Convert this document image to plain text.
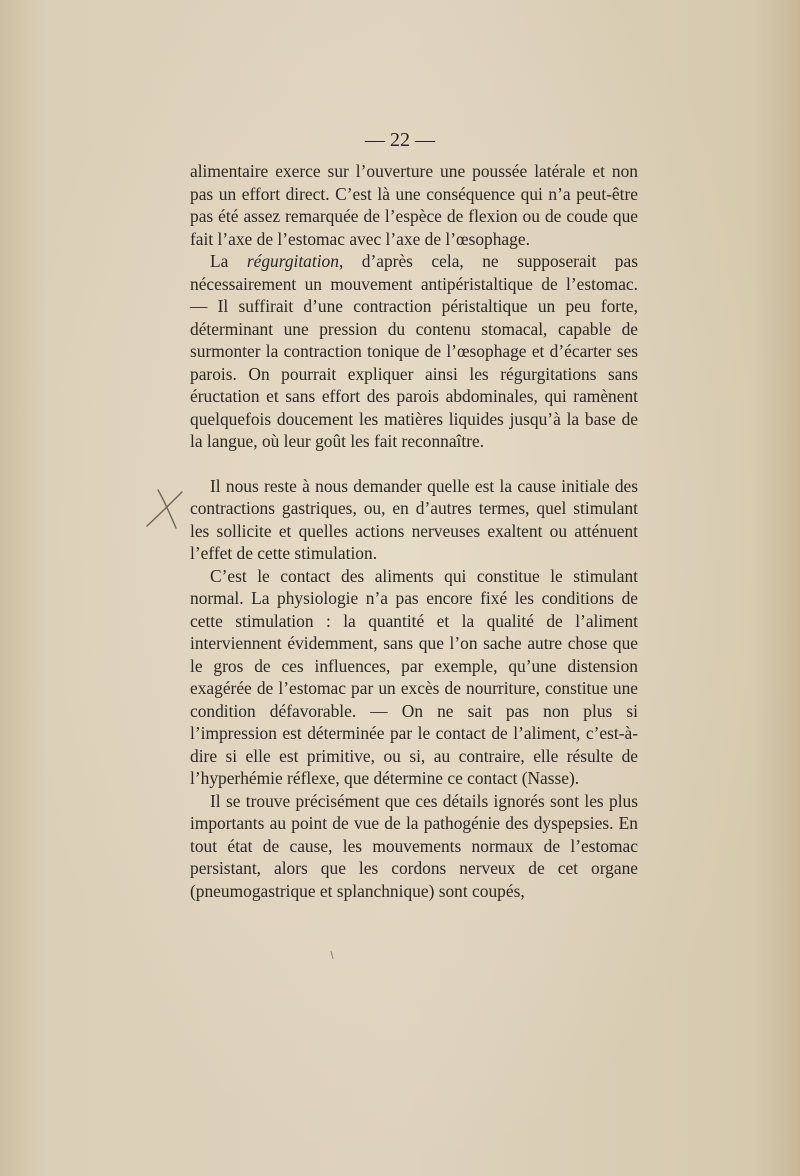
— 22 —

alimentaire exerce sur l’ouverture une poussée latérale et non pas un effort direct. C’est là une conséquence qui n’a peut-être pas été assez remarquée de l’espèce de flexion ou de coude que fait l’axe de l’estomac avec l’axe de l’œsophage.

La régurgitation, d’après cela, ne supposerait pas nécessairement un mouvement antipéristaltique de l’estomac. — Il suffirait d’une contraction péristaltique un peu forte, déterminant une pression du contenu stomacal, capable de surmonter la contraction tonique de l’œsophage et d’écarter ses parois. On pourrait expliquer ainsi les régurgitations sans éructation et sans effort des parois abdominales, qui ramènent quelquefois doucement les matières liquides jusqu’à la base de la langue, où leur goût les fait reconnaître.

Il nous reste à nous demander quelle est la cause initiale des contractions gastriques, ou, en d’autres termes, quel stimulant les sollicite et quelles actions nerveuses exaltent ou atténuent l’effet de cette stimulation.

C’est le contact des aliments qui constitue le stimulant normal. La physiologie n’a pas encore fixé les conditions de cette stimulation : la quantité et la qualité de l’aliment interviennent évidemment, sans que l’on sache autre chose que le gros de ces influences, par exemple, qu’une distension exagérée de l’estomac par un excès de nourriture, constitue une condition défavorable. — On ne sait pas non plus si l’impression est déterminée par le contact de l’aliment, c’est-à-dire si elle est primitive, ou si, au contraire, elle résulte de l’hyperhémie réflexe, que détermine ce contact (Nasse).

Il se trouve précisément que ces détails ignorés sont les plus importants au point de vue de la pathogénie des dyspepsies. En tout état de cause, les mouvements normaux de l’estomac persistant, alors que les cordons nerveux de cet organe (pneumogastrique et splanchnique) sont coupés,
